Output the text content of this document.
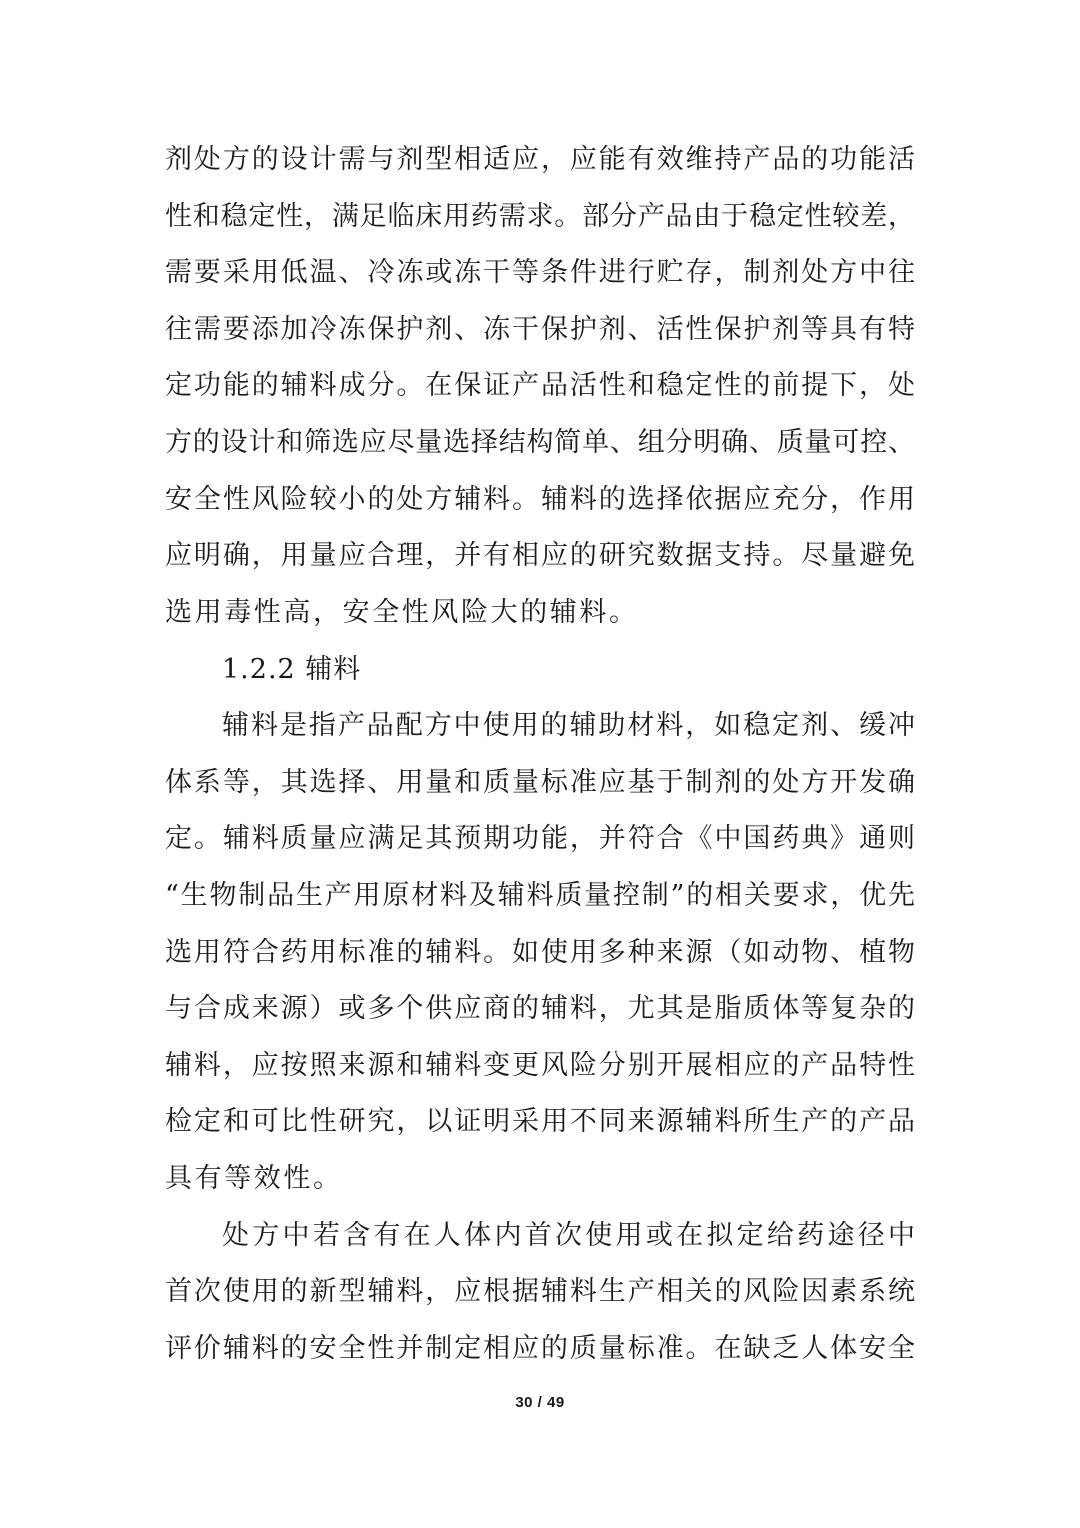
剂处方的设计需与剂型相适应，应能有效维持产品的功能活
性和稳定性，满足临床用药需求。部分产品由于稳定性较差，
需要采用低温、冷冻或冻干等条件进行贮存，制剂处方中往
往需要添加冷冻保护剂、冻干保护剂、活性保护剂等具有特
定功能的辅料成分。在保证产品活性和稳定性的前提下，处
方的设计和筛选应尽量选择结构简单、组分明确、质量可控、
安全性风险较小的处方辅料。辅料的选择依据应充分，作用
应明确，用量应合理，并有相应的研究数据支持。尽量避免
选用毒性高，安全性风险大的辅料。
1.2.2 辅料
辅料是指产品配方中使用的辅助材料，如稳定剂、缓冲
体系等，其选择、用量和质量标准应基于制剂的处方开发确
定。辅料质量应满足其预期功能，并符合《中国药典》通则
“生物制品生产用原材料及辅料质量控制”的相关要求，优先
选用符合药用标准的辅料。如使用多种来源（如动物、植物
与合成来源）或多个供应商的辅料，尤其是脂质体等复杂的
辅料，应按照来源和辅料变更风险分别开展相应的产品特性
检定和可比性研究，以证明采用不同来源辅料所生产的产品
具有等效性。
处方中若含有在人体内首次使用或在拟定给药途径中
首次使用的新型辅料，应根据辅料生产相关的风险因素系统
评价辅料的安全性并制定相应的质量标准。在缺乏人体安全
30 / 49
